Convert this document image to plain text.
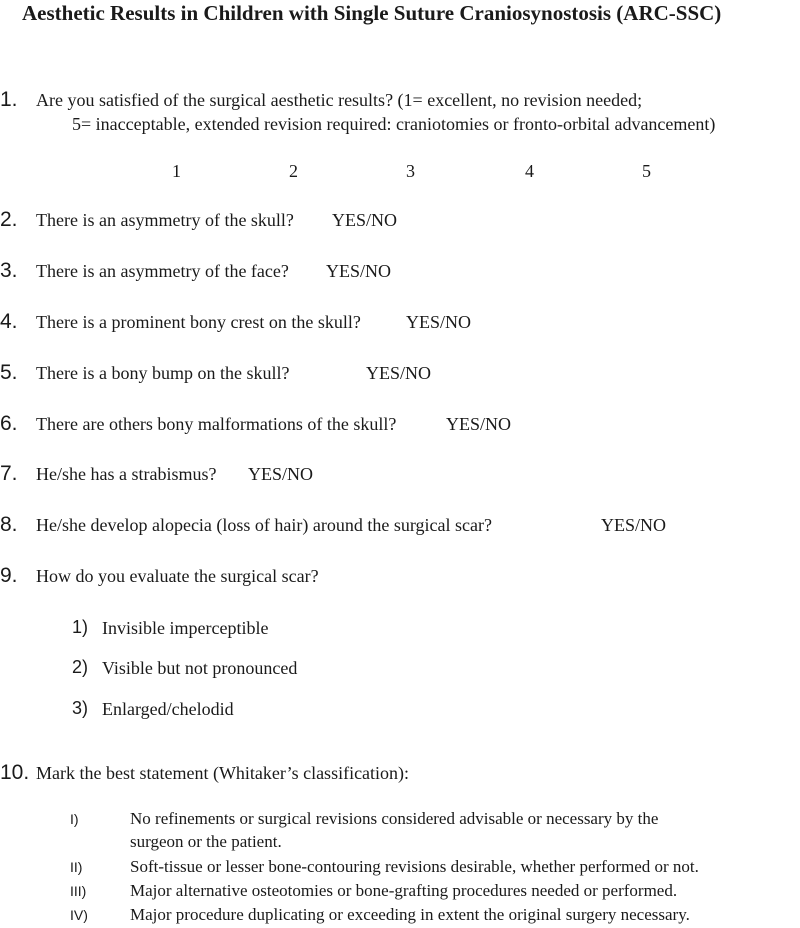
Aesthetic Results in Children with Single Suture Craniosynostosis (ARC-SSC)
1. Are you satisfied of the surgical aesthetic results? (1= excellent, no revision needed;
5= inacceptable, extended revision required: craniotomies or fronto-orbital advancement)
1	2	3	4	5
2. There is an asymmetry of the skull? YES/NO
3. There is an asymmetry of the face? YES/NO
4. There is a prominent bony crest on the skull?	YES/NO
5. There is a bony bump on the skull?	YES/NO
6. There are others bony malformations of the skull?	YES/NO
7. He/she has a strabismus? YES/NO
8. He/she develop alopecia (loss of hair) around the surgical scar?	YES/NO
9. How do you evaluate the surgical scar?
1) Invisible imperceptible
2) Visible but not pronounced
3) Enlarged/chelodid
10. Mark the best statement (Whitaker’s classification):
I)	No refinements or surgical revisions considered advisable or necessary by the
surgeon or the patient.
II)	Soft-tissue or lesser bone-contouring revisions desirable, whether performed or not.
III)	Major alternative osteotomies or bone-grafting procedures needed or performed.
IV) Major procedure duplicating or exceeding in extent the original surgery necessary.
